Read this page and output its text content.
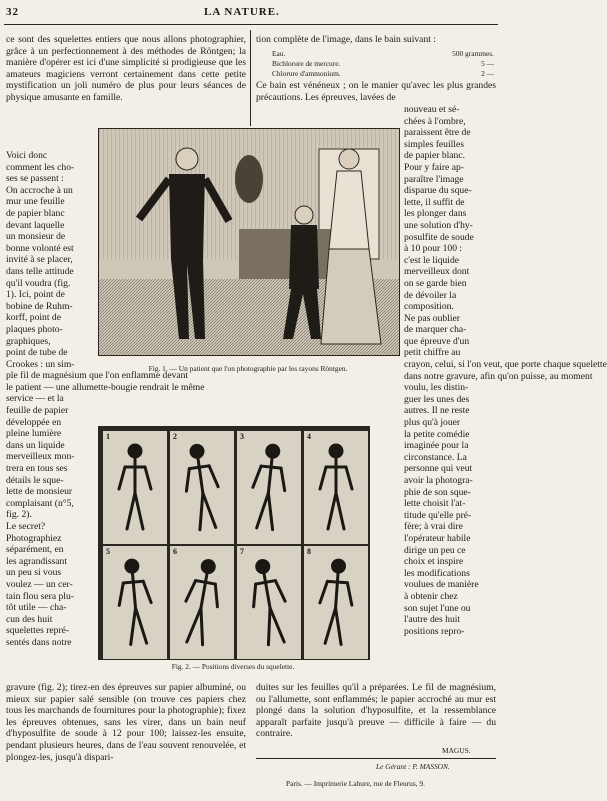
32	LA NATURE.
ce sont des squelettes entiers que nous allons photographier, grâce à un perfectionnement à des méthodes de Röntgen; la manière d'opérer est ici d'une simplicité si prodigieuse que les amateurs magiciens verront certainement dans cette petite mystification un joli numéro de plus pour leurs séances de physique amusante en famille.
Voici donc
comment les cho-
ses se passent :
On accroche à un
mur une feuille
de papier blanc
devant laquelle
un monsieur de
bonne volonté est
invité à se placer,
dans telle attitude
qu'il voudra (fig.
1). Ici, point de
bobine de Ruhm-
korff, point de
plaques photo-
graphiques,
point de tube de
Crookes : un sim-
ple fil de magnésium que l'on enflamme devant
le patient — une allumette-bougie rendrait le même
service — et la
feuille de papier
développée en
pleine lumière
dans un liquide
merveilleux mon-
trera en tous ses
détails le sque-
lette de monsieur
complaisant (n°5,
fig. 2).
Le secret?
Photographiez
séparément, en
les agrandissant
un peu si vous
voulez — un cer-
tain flou sera plu-
tôt utile — cha-
cun des huit
squelettes repré-
sentés dans notre
Fig. 1. — Un patient que l'on photographie par les rayons Röntgen.
tion complète de l'image, dans le bain suivant :
Eau.	500 grammes.
Bichlorure de mercure.	5 —
Chlorure d'ammonium.	2 —
Ce bain est vénéneux ; on le manier qu'avec les plus grandes précautions. Les épreuves, lavées de
nouveau et sé-
chées à l'ombre,
paraissent être de
simples feuilles
de papier blanc.
Pour y faire ap-
paraître l'image
disparue du sque-
lette, il suffit de
les plonger dans
une solution d'hy-
posulfite de soude
à 10 pour 100 :
c'est le liquide
merveilleux dont
on se garde bien
de dévoiler la
composition.
Ne pas oublier
de marquer cha-
que épreuve d'un
petit chiffre au
crayon, celui, si l'on veut, que porte chaque squelette
dans notre gravure, afin qu'on puisse, au moment
voulu, les distin-
guer les unes des
autres. Il ne reste
plus qu'à jouer
la petite comédie
imaginée pour la
circonstance. La
personne qui veut
avoir la photogra-
phie de son sque-
lette choisit l'at-
titude qu'elle pré-
fère; à vrai dire
l'opérateur habile
dirige un peu ce
choix et inspire
les modifications
voulues de manière
à obtenir chez
son sujet l'une ou
l'autre des huit
positions repro-
1	2	3	4
5	6	7	8
Fig. 2. — Positions diverses du squelette.
gravure (fig. 2); tirez-en des épreuves sur papier albuminé, ou mieux sur papier salé sensible (on trouve ces papiers chez tous les marchands de fournitures pour la photographie); fixez les épreuves obtenues, sans les virer, dans un bain neuf d'hyposulfite de soude à 12 pour 100; laissez-les ensuite, pendant plusieurs heures, dans de l'eau souvent renouvelée, et plongez-les, jusqu'à dispari-
duites sur les feuilles qu'il a préparées. Le fil de magnésium, ou l'allumette, sont enflammés; le papier accroché au mur est plongé dans la solution d'hyposulfite, et la ressemblance apparaît parfaite jusqu'à preuve — difficile à faire — du contraire.
MAGUS.
Le Gérant : P. MASSON.
Paris. — Imprimerie Lahure, rue de Fleurus, 9.
